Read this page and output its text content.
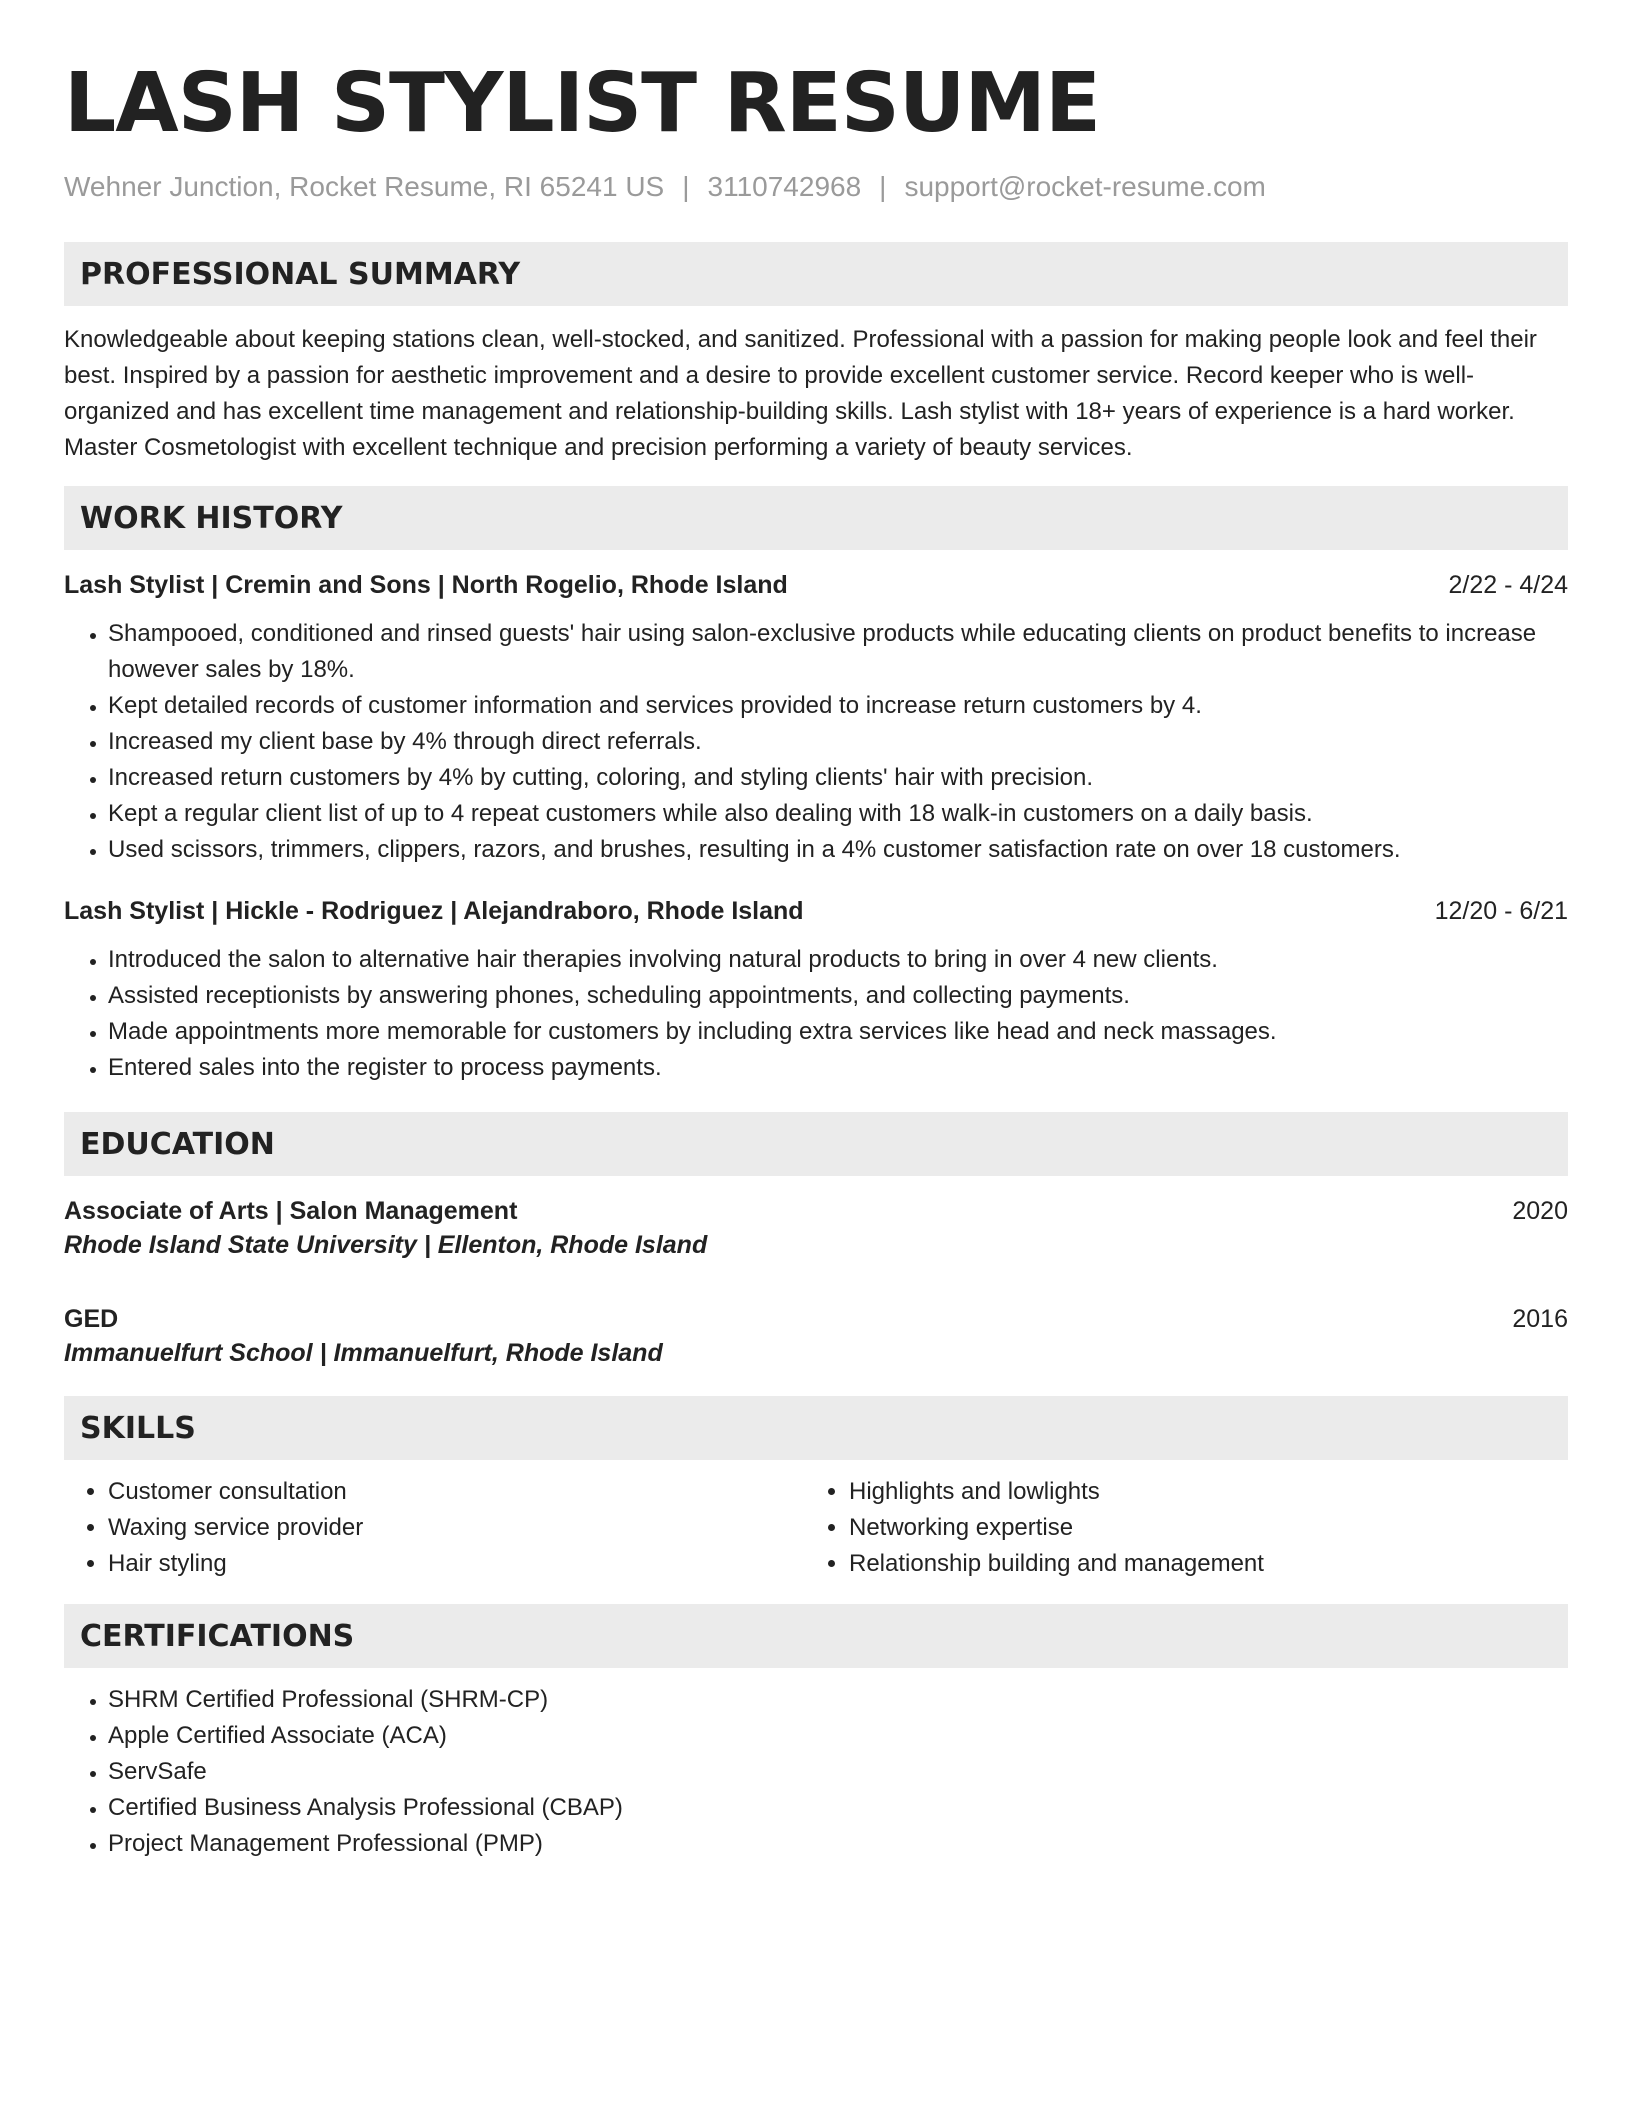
LASH STYLIST RESUME
Wehner Junction, Rocket Resume, RI 65241 US | 3110742968 | support@rocket-resume.com
PROFESSIONAL SUMMARY

Knowledgeable about keeping stations clean, well-stocked, and sanitized. Professional with a passion for making people look and feel their best. Inspired by a passion for aesthetic improvement and a desire to provide excellent customer service. Record keeper who is well-organized and has excellent time management and relationship-building skills. Lash stylist with 18+ years of experience is a hard worker. Master Cosmetologist with excellent technique and precision performing a variety of beauty services.

WORK HISTORY
Lash Stylist | Cremin and Sons | North Rogelio, Rhode Island	2/22 - 4/24
• Shampooed, conditioned and rinsed guests' hair using salon-exclusive products while educating clients on product benefits to increase however sales by 18%.
• Kept detailed records of customer information and services provided to increase return customers by 4.
• Increased my client base by 4% through direct referrals.
• Increased return customers by 4% by cutting, coloring, and styling clients' hair with precision.
• Kept a regular client list of up to 4 repeat customers while also dealing with 18 walk-in customers on a daily basis.
• Used scissors, trimmers, clippers, razors, and brushes, resulting in a 4% customer satisfaction rate on over 18 customers.
Lash Stylist | Hickle - Rodriguez | Alejandraboro, Rhode Island	12/20 - 6/21
• Introduced the salon to alternative hair therapies involving natural products to bring in over 4 new clients.
• Assisted receptionists by answering phones, scheduling appointments, and collecting payments.
• Made appointments more memorable for customers by including extra services like head and neck massages.
• Entered sales into the register to process payments.
EDUCATION
Associate of Arts | Salon Management	2020
Rhode Island State University | Ellenton, Rhode Island
GED	2016
Immanuelfurt School | Immanuelfurt, Rhode Island
SKILLS
• Customer consultation
• Waxing service provider
• Hair styling
• Highlights and lowlights
• Networking expertise
• Relationship building and management
CERTIFICATIONS
• SHRM Certified Professional (SHRM-CP)
• Apple Certified Associate (ACA)
• ServSafe
• Certified Business Analysis Professional (CBAP)
• Project Management Professional (PMP)
